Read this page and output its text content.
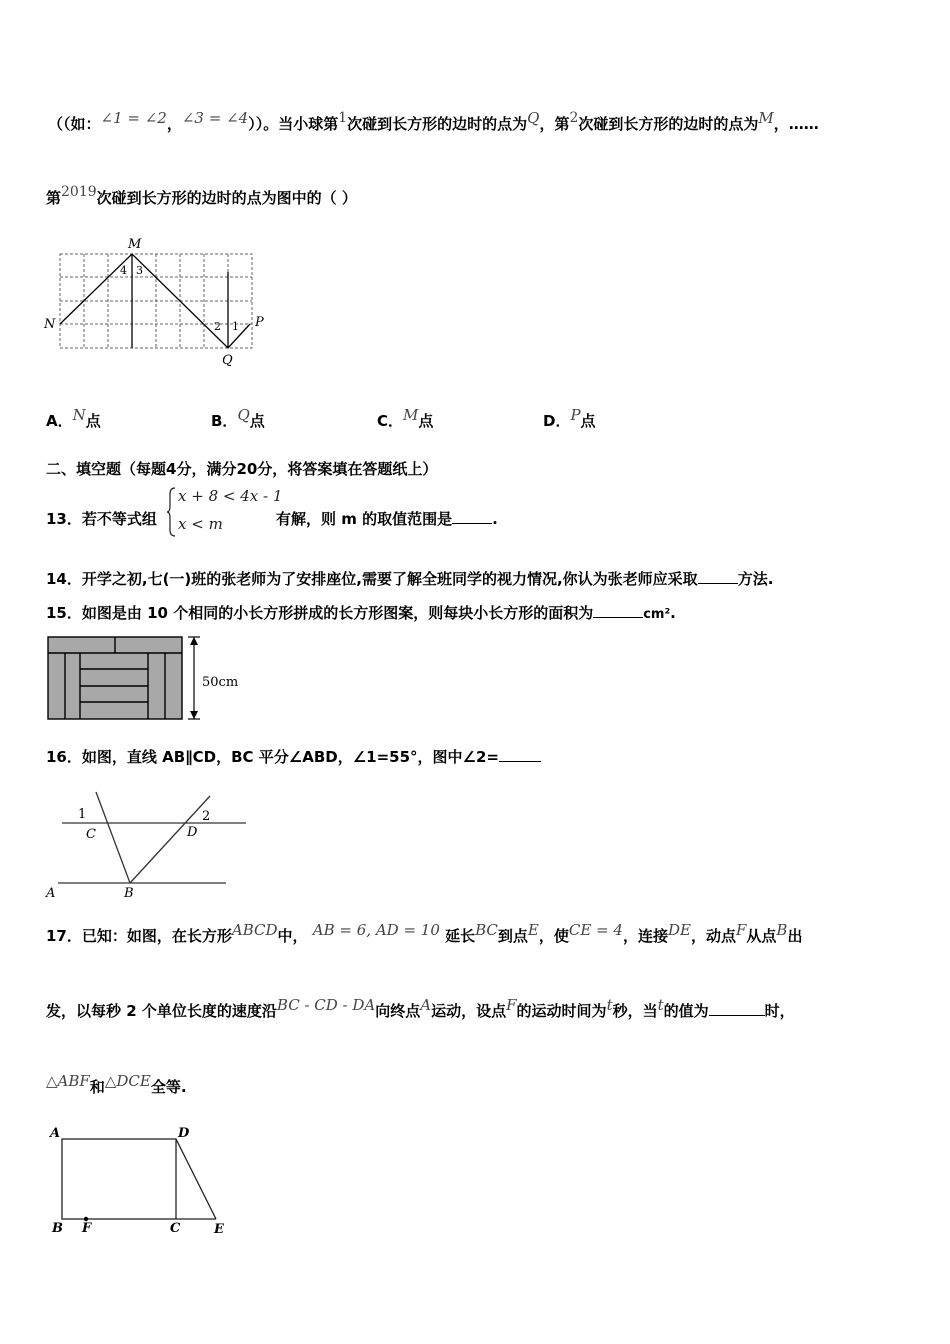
（（如：∠1 = ∠2，∠3 = ∠4））。当小球第1次碰到长方形的边时的点为Q，第2次碰到长方形的边时的点为M，……
第2019次碰到长方形的边时的点为图中的（ ）
M
N	P
Q
4 3
2 1
A．N点	B．Q点	C．M点	D．P点
二、填空题（每题4分，满分20分，将答案填在答题纸上）
13．若不等式组
x + 8 < 4x - 1
x < m	有解，则 m 的取值范围是	.
14．开学之初,七(一)班的张老师为了安排座位,需要了解全班同学的视力情况,你认为张老师应采取	方法.
15．如图是由 10 个相同的小长方形拼成的长方形图案，则每块小长方形的面积为	cm².
50cm
16．如图，直线 AB∥CD，BC 平分∠ABD，∠1=55°，图中∠2=
1	2
C	D
A	B
17．已知：如图，在长方形ABCD中， AB = 6, AD = 10 延长BC到点E，使CE = 4，连接DE，动点F从点B出
发，以每秒 2 个单位长度的速度沿BC - CD - DA向终点A运动，设点F的运动时间为t秒，当t的值为	时，
△ABF和△DCE全等.
A	D
B F	C	E
